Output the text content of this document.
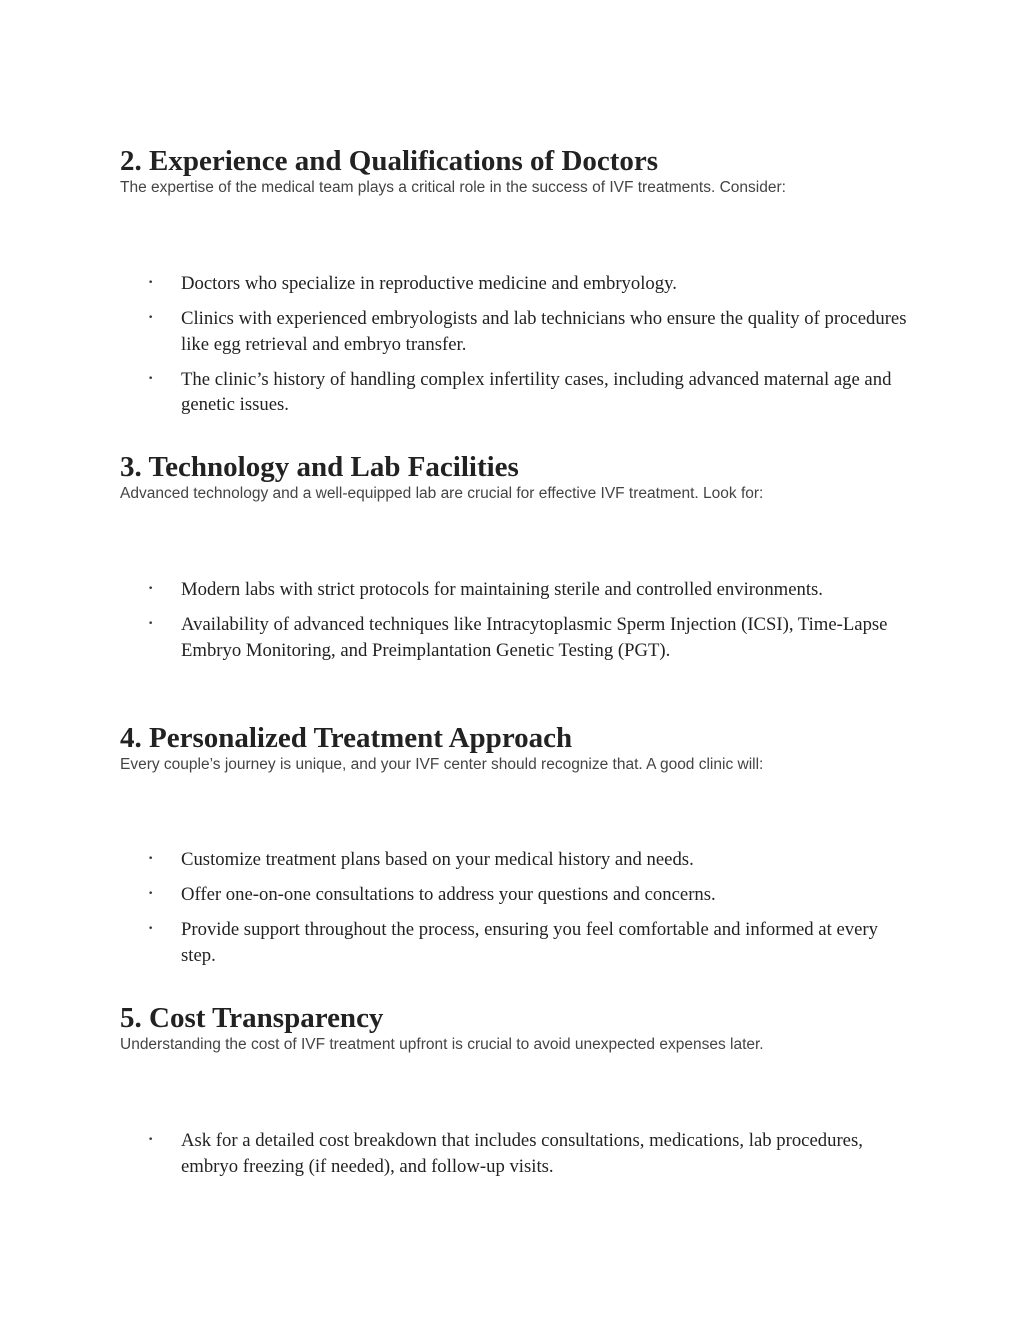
2. Experience and Qualifications of Doctors

The expertise of the medical team plays a critical role in the success of IVF treatments. Consider:

• Doctors who specialize in reproductive medicine and embryology.
• Clinics with experienced embryologists and lab technicians who ensure the quality of procedures like egg retrieval and embryo transfer.
• The clinic’s history of handling complex infertility cases, including advanced maternal age and genetic issues.
3. Technology and Lab Facilities

Advanced technology and a well-equipped lab are crucial for effective IVF treatment. Look for:

• Modern labs with strict protocols for maintaining sterile and controlled environments.
• Availability of advanced techniques like Intracytoplasmic Sperm Injection (ICSI), Time-Lapse Embryo Monitoring, and Preimplantation Genetic Testing (PGT).
4. Personalized Treatment Approach

Every couple’s journey is unique, and your IVF center should recognize that. A good clinic will:

• Customize treatment plans based on your medical history and needs.
• Offer one-on-one consultations to address your questions and concerns.
• Provide support throughout the process, ensuring you feel comfortable and informed at every step.
5. Cost Transparency

Understanding the cost of IVF treatment upfront is crucial to avoid unexpected expenses later.

• Ask for a detailed cost breakdown that includes consultations, medications, lab procedures, embryo freezing (if needed), and follow-up visits.
